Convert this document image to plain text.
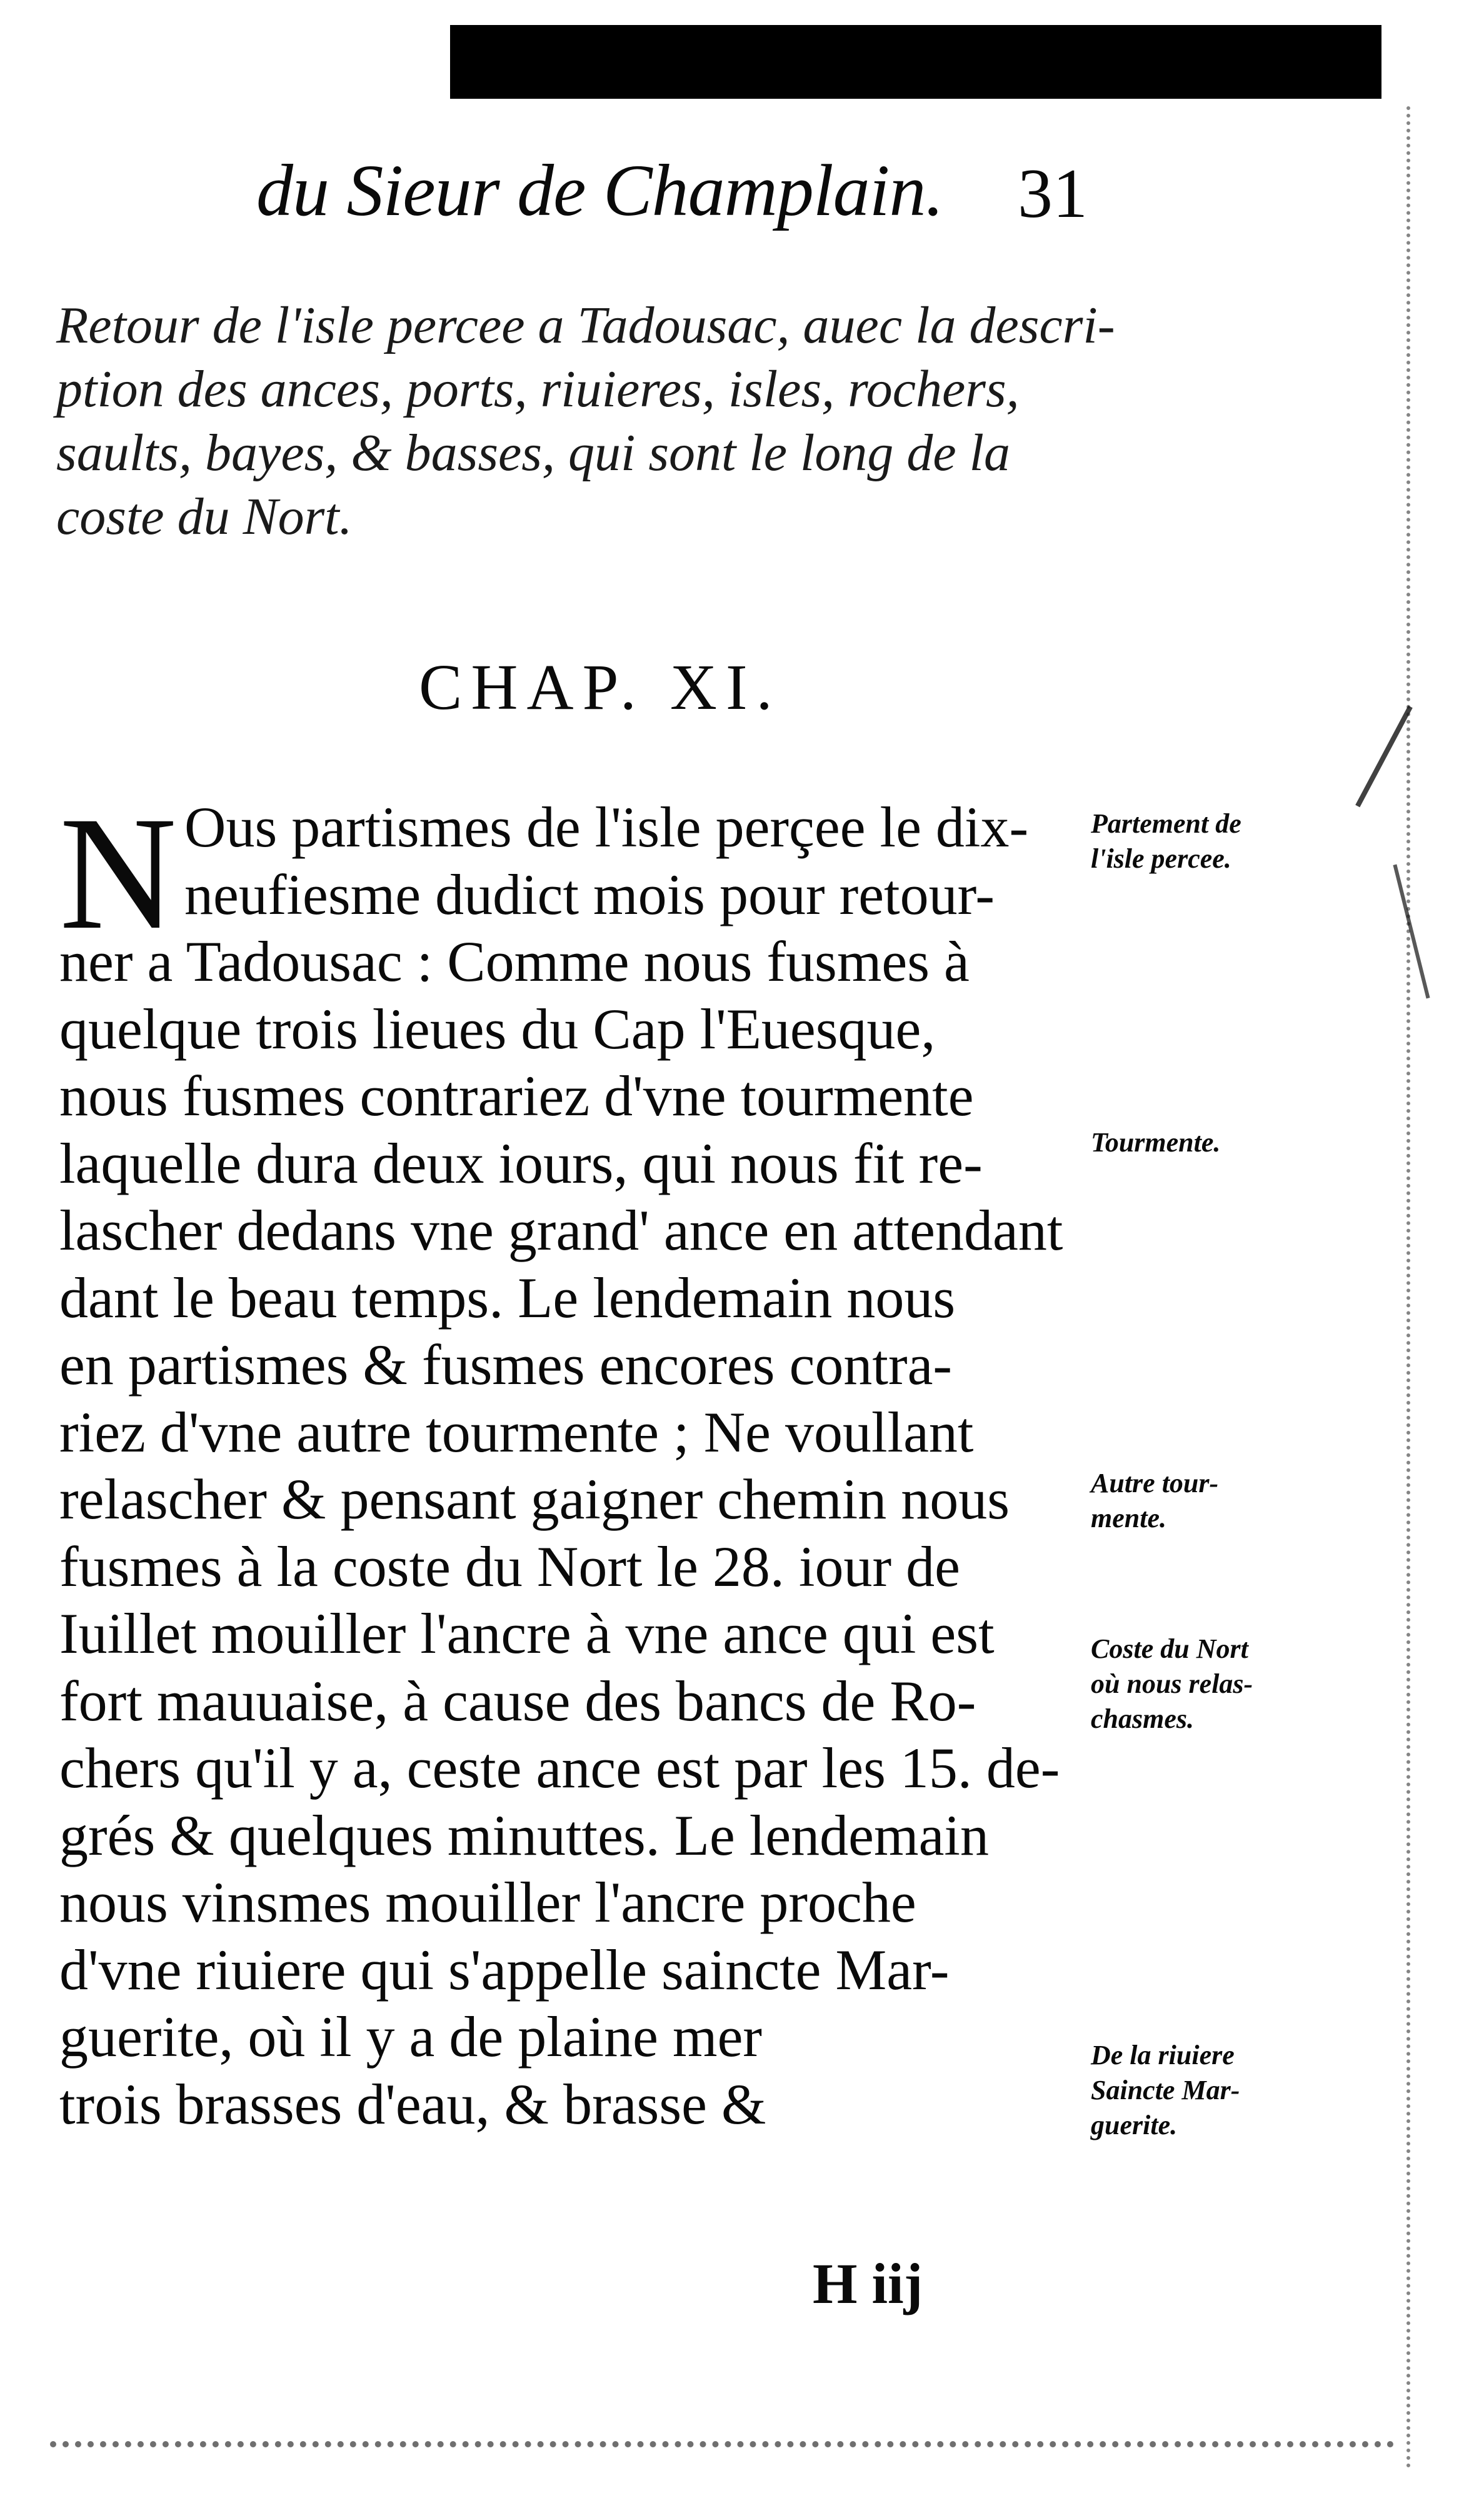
du Sieur de Champlain. 31
Retour de l'isle percee a Tadousac, auec la descri-
ption des ances, ports, riuieres, isles, rochers,
saults, bayes, & basses, qui sont le long de la
coste du Nort.
CHAP. XI.
N Ous partismes de l'isle perçee le dix-
neufiesme dudict mois pour retour-
ner a Tadousac : Comme nous fusmes à
quelque trois lieues du Cap l'Euesque,
nous fusmes contrariez d'vne tourmente
laquelle dura deux iours, qui nous fit re-
lascher dedans vne grand' ance en attendant
dant le beau temps. Le lendemain nous
en partismes & fusmes encores contra-
riez d'vne autre tourmente ; Ne voullant
relascher & pensant gaigner chemin nous
fusmes à la coste du Nort le 28. iour de
Iuillet mouiller l'ancre à vne ance qui est
fort mauuaise, à cause des bancs de Ro-
chers qu'il y a, ceste ance est par les 15. de-
grés & quelques minuttes. Le lendemain
nous vinsmes mouiller l'ancre proche
d'vne riuiere qui s'appelle saincte Mar-
guerite, où il y a de plaine mer
trois brasses d'eau, & brasse &
H iij
Partement de
l'isle percee.
Tourmente.
Autre tour-
mente.
Coste du Nort
où nous relas-
chasmes.
De la riuiere
Saincte Mar-
guerite.
